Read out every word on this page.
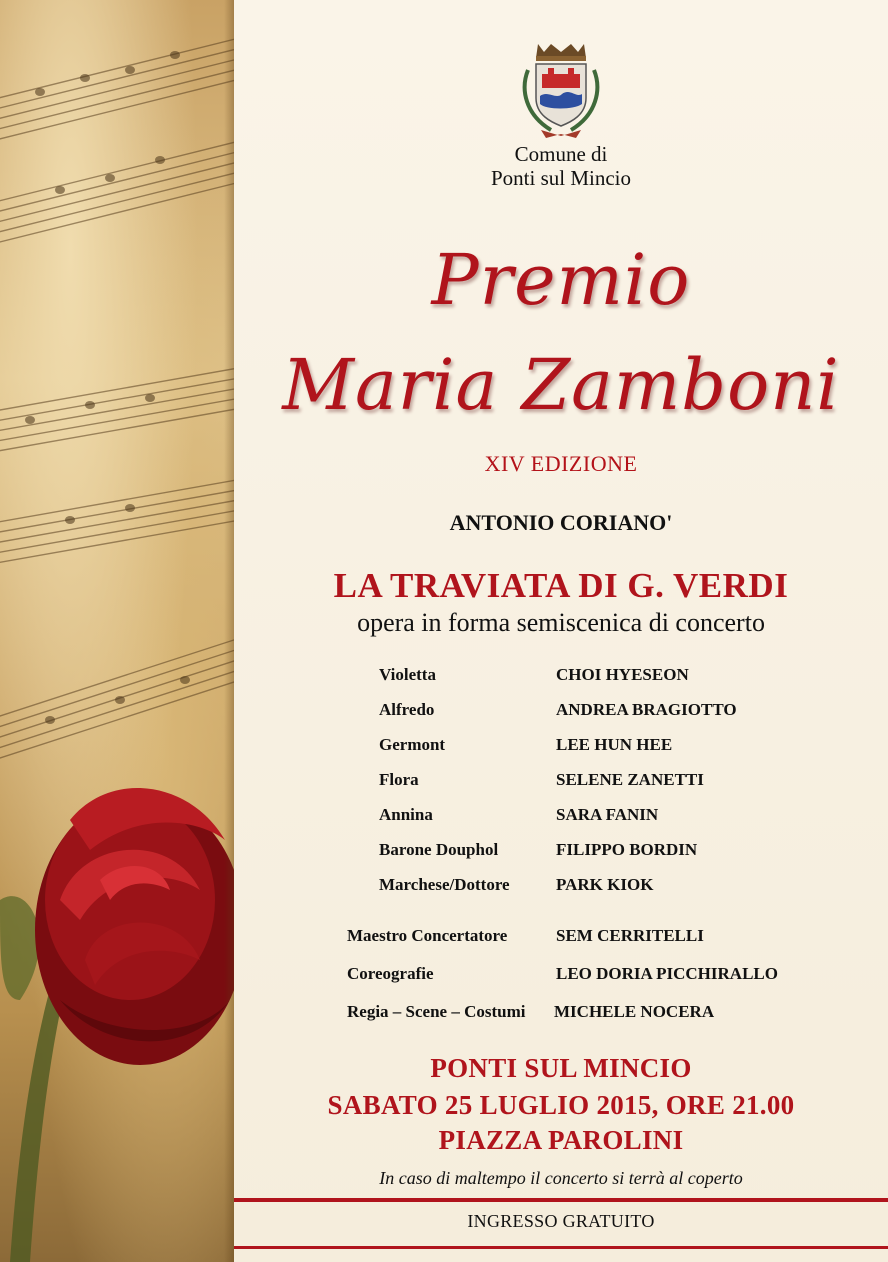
Comune di
Ponti sul Mincio
Premio
Maria Zamboni
XIV EDIZIONE
ANTONIO CORIANO'
LA TRAVIATA DI G. VERDI
opera in forma semiscenica di concerto
Violetta	CHOI HYESEON
Alfredo	ANDREA BRAGIOTTO
Germont	LEE HUN HEE
Flora	SELENE ZANETTI
Annina	SARA FANIN
Barone Douphol	FILIPPO BORDIN
Marchese/Dottore	PARK KIOK
Maestro Concertatore	SEM CERRITELLI
Coreografie	LEO DORIA PICCHIRALLO
Regia – Scene – Costumi MICHELE NOCERA
PONTI SUL MINCIO
SABATO 25 LUGLIO 2015, ORE 21.00
PIAZZA PAROLINI
In caso di maltempo il concerto si terrà al coperto
INGRESSO GRATUITO
